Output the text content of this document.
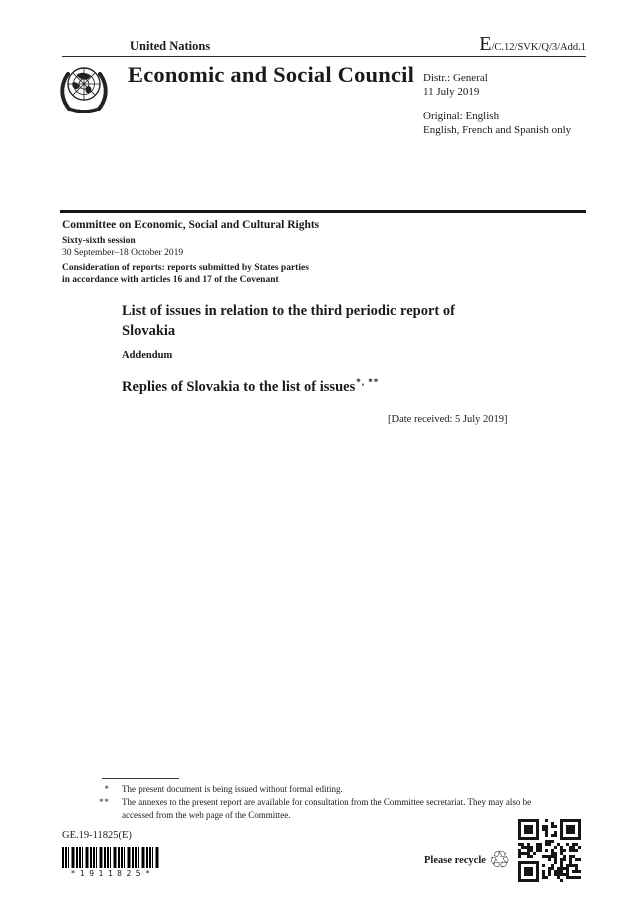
United Nations	E/C.12/SVK/Q/3/Add.1
Economic and Social Council Distr.: General
11 July 2019
Original: English
English, French and Spanish only
Committee on Economic, Social and Cultural Rights
Sixty-sixth session
30 September–18 October 2019
Consideration of reports: reports submitted by States parties
in accordance with articles 16 and 17 of the Covenant
List of issues in relation to the third periodic report of Slovakia
Addendum
Replies of Slovakia to the list of issues*, **
[Date received: 5 July 2019]
*	The present document is being issued without formal editing.
**	The annexes to the present report are available for consultation from the Committee secretariat. They may also be accessed from the web page of the Committee.
GE.19-11825(E)
*1911825*
Please recycle ♲
